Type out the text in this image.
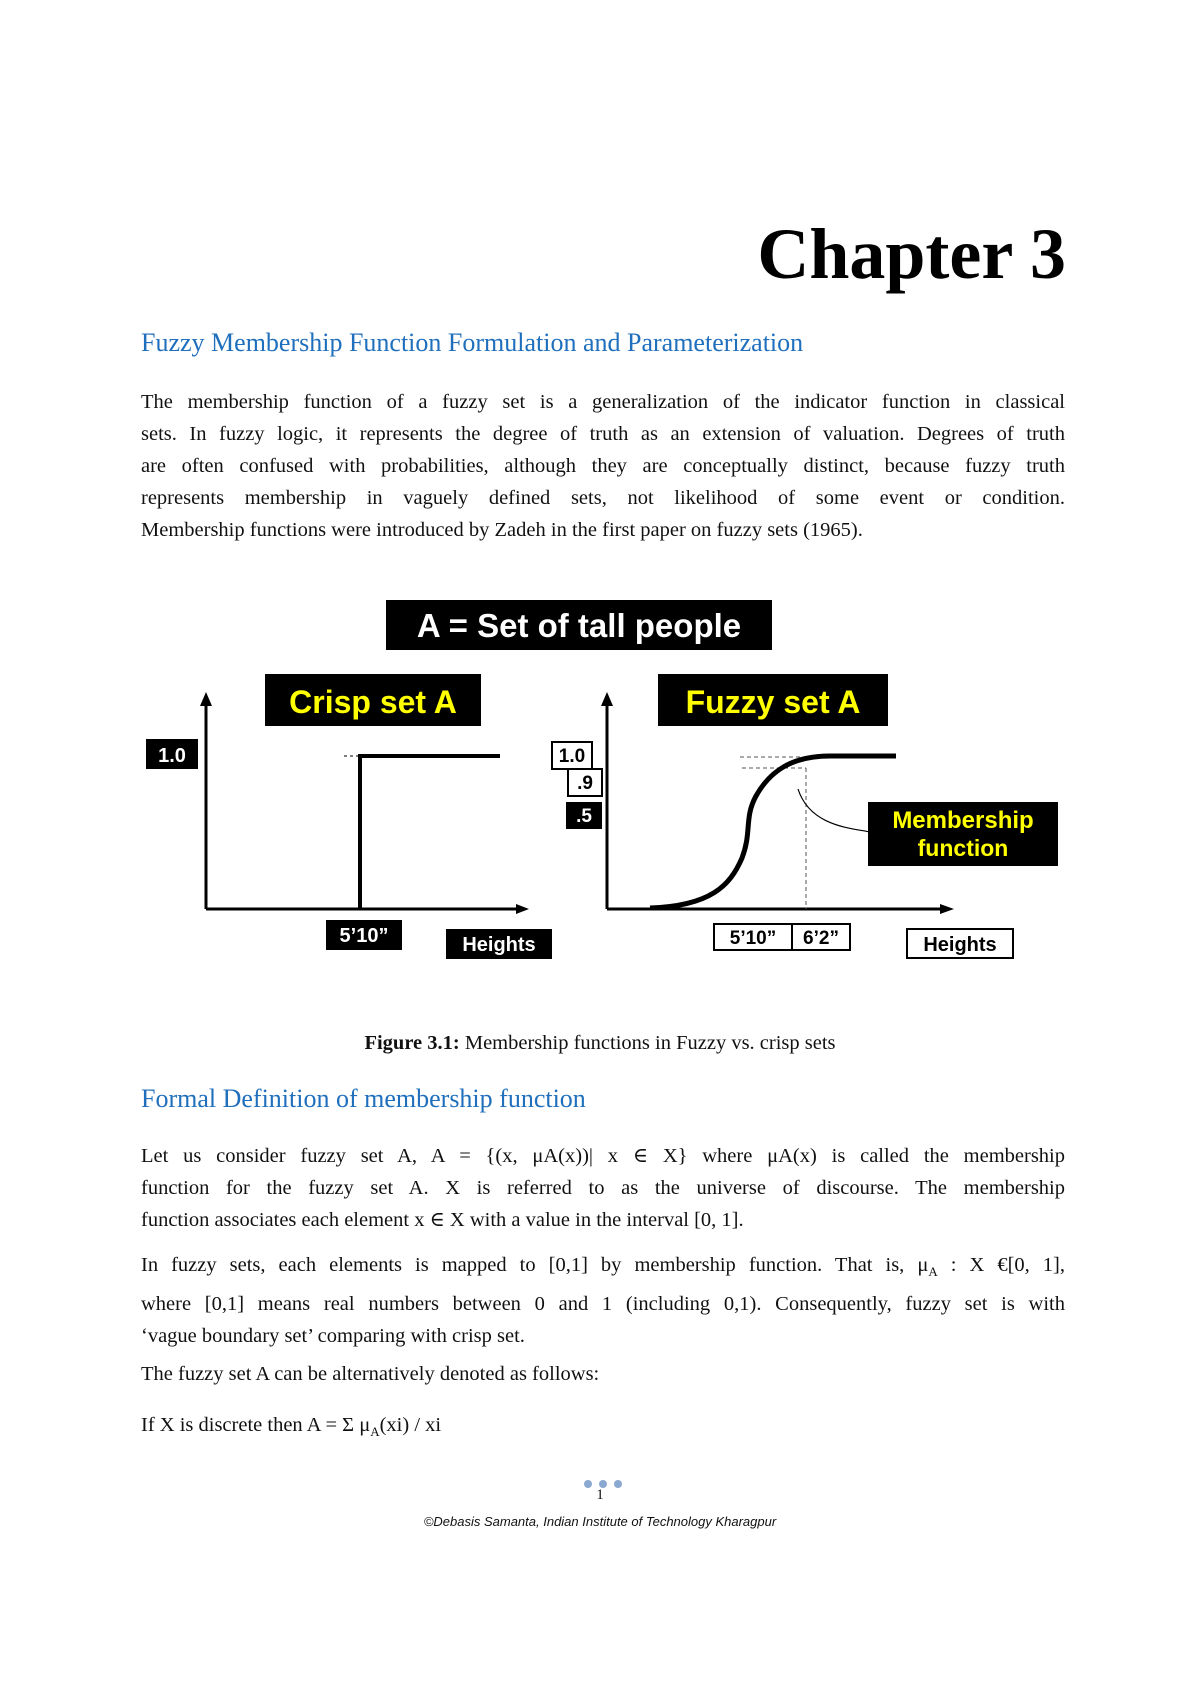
Chapter 3
Fuzzy Membership Function Formulation and Parameterization
The membership function of a fuzzy set is a generalization of the indicator function in classical
sets. In fuzzy logic, it represents the degree of truth as an extension of valuation. Degrees of truth
are often confused with probabilities, although they are conceptually distinct, because fuzzy truth
represents membership in vaguely defined sets, not likelihood of some event or condition.
Membership functions were introduced by Zadeh in the first paper on fuzzy sets (1965).
A = Set of tall people
Crisp set A
1.0
5’10”	Heights
Fuzzy set A
1.0
.9
.5
5’10” 6’2”	Heights
Membership
function
Figure 3.1: Membership functions in Fuzzy vs. crisp sets
Formal Definition of membership function
Let us consider fuzzy set A, A = {(x, μA(x))| x ∈ X} where μA(x) is called the membership
function for the fuzzy set A. X is referred to as the universe of discourse. The membership
function associates each element x ∈ X with a value in the interval [0, 1].
In fuzzy sets, each elements is mapped to [0,1] by membership function. That is, $\mu_A$ : X €[0, 1],
where [0,1] means real numbers between 0 and 1 (including 0,1). Consequently, fuzzy set is with
‘vague boundary set’ comparing with crisp set.
The fuzzy set A can be alternatively denoted as follows:
If X is discrete then A = Σ $\mu_A(xi)$ / xi
1
©Debasis Samanta, Indian Institute of Technology Kharagpur
